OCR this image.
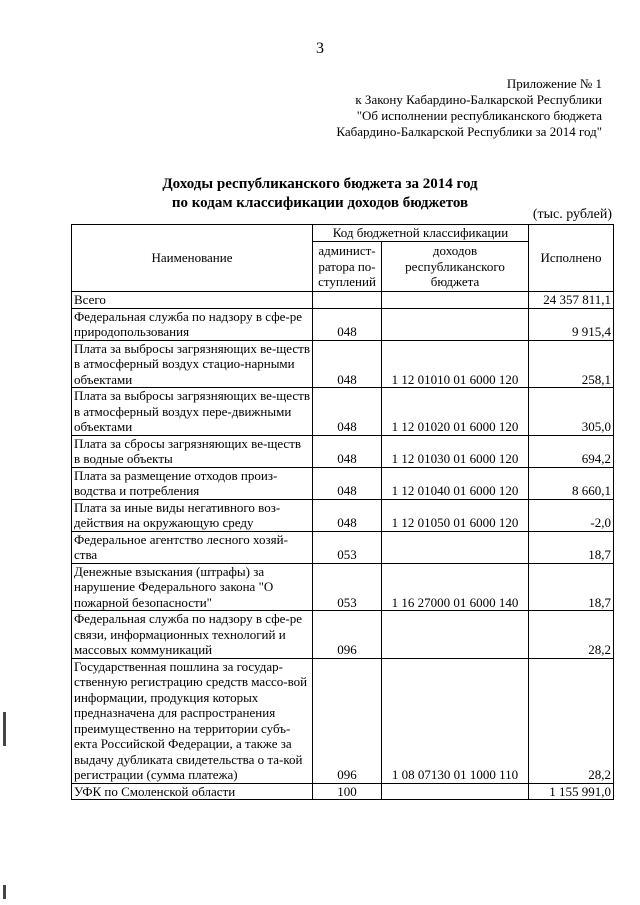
3
Приложение № 1
к Закону Кабардино-Балкарской Республики
"Об исполнении республиканского бюджета
Кабардино-Балкарской Республики за 2014 год"
Доходы республиканского бюджета за 2014 год
по кодам классификации доходов бюджетов
(тыс. рублей)
Наименование	Код бюджетной классификации		Исполнено
	админист-ратора по-ступлений	доходов республиканского бюджета	
Всего			24 357 811,1
Федеральная служба по надзору в сфе-ре природопользования	048		9 915,4
Плата за выбросы загрязняющих ве-ществ в атмосферный воздух стацио-нарными объектами	048	1 12 01010 01 6000 120	258,1
Плата за выбросы загрязняющих ве-ществ в атмосферный воздух пере-движными объектами	048	1 12 01020 01 6000 120	305,0
Плата за сбросы загрязняющих ве-ществ в водные объекты	048	1 12 01030 01 6000 120	694,2
Плата за размещение отходов произ-водства и потребления	048	1 12 01040 01 6000 120	8 660,1
Плата за иные виды негативного воз-действия на окружающую среду	048	1 12 01050 01 6000 120	-2,0
Федеральное агентство лесного хозяй-ства	053		18,7
Денежные взыскания (штрафы) за нарушение Федерального закона "О пожарной безопасности"	053	1 16 27000 01 6000 140	18,7
Федеральная служба по надзору в сфе-ре связи, информационных технологий и массовых коммуникаций	096		28,2
Государственная пошлина за государ-ственную регистрацию средств массо-вой информации, продукция которых предназначена для распространения преимущественно на территории субъ-екта Российской Федерации, а также за выдачу дубликата свидетельства о та-кой регистрации (сумма платежа)	096	1 08 07130 01 1000 110	28,2
УФК по Смоленской области	100		1 155 991,0
